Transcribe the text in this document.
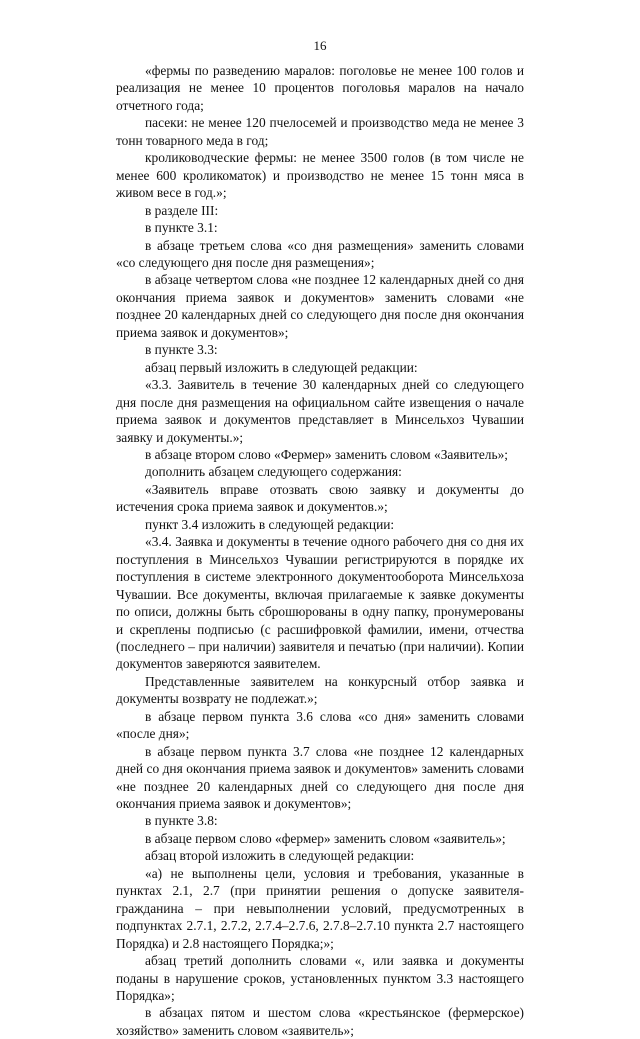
16

«фермы по разведению маралов: поголовье не менее 100 голов и реализация не менее 10 процентов поголовья маралов на начало отчетного года;

пасеки: не менее 120 пчелосемей и производство меда не менее 3 тонн товарного меда в год;

кролиководческие фермы: не менее 3500 голов (в том числе не менее 600 кроликоматок) и производство не менее 15 тонн мяса в живом весе в год.»;

в разделе III:

в пункте 3.1:

в абзаце третьем слова «со дня размещения» заменить словами «со следующего дня после дня размещения»;

в абзаце четвертом слова «не позднее 12 календарных дней со дня окончания приема заявок и документов» заменить словами «не позднее 20 календарных дней со следующего дня после дня окончания приема заявок и документов»;

в пункте 3.3:

абзац первый изложить в следующей редакции:

«3.3. Заявитель в течение 30 календарных дней со следующего дня после дня размещения на официальном сайте извещения о начале приема заявок и документов представляет в Минсельхоз Чувашии заявку и документы.»;

в абзаце втором слово «Фермер» заменить словом «Заявитель»;

дополнить абзацем следующего содержания:

«Заявитель вправе отозвать свою заявку и документы до истечения срока приема заявок и документов.»;

пункт 3.4 изложить в следующей редакции:

«3.4. Заявка и документы в течение одного рабочего дня со дня их поступления в Минсельхоз Чувашии регистрируются в порядке их поступления в системе электронного документооборота Минсельхоза Чувашии. Все документы, включая прилагаемые к заявке документы по описи, должны быть сброшюрованы в одну папку, пронумерованы и скреплены подписью (с расшифровкой фамилии, имени, отчества (последнего – при наличии) заявителя и печатью (при наличии). Копии документов заверяются заявителем.

Представленные заявителем на конкурсный отбор заявка и документы возврату не подлежат.»;

в абзаце первом пункта 3.6 слова «со дня» заменить словами «после дня»;

в абзаце первом пункта 3.7 слова «не позднее 12 календарных дней со дня окончания приема заявок и документов» заменить словами «не позднее 20 календарных дней со следующего дня после дня окончания приема заявок и документов»;

в пункте 3.8:

в абзаце первом слово «фермер» заменить словом «заявитель»;

абзац второй изложить в следующей редакции:

«а) не выполнены цели, условия и требования, указанные в пунктах 2.1, 2.7 (при принятии решения о допуске заявителя-гражданина – при невыполнении условий, предусмотренных в подпунктах 2.7.1, 2.7.2, 2.7.4–2.7.6, 2.7.8–2.7.10 пункта 2.7 настоящего Порядка) и 2.8 настоящего Порядка;»;

абзац третий дополнить словами «, или заявка и документы поданы в нарушение сроков, установленных пунктом 3.3 настоящего Порядка»;

в абзацах пятом и шестом слова «крестьянское (фермерское) хозяйство» заменить словом «заявитель»;
